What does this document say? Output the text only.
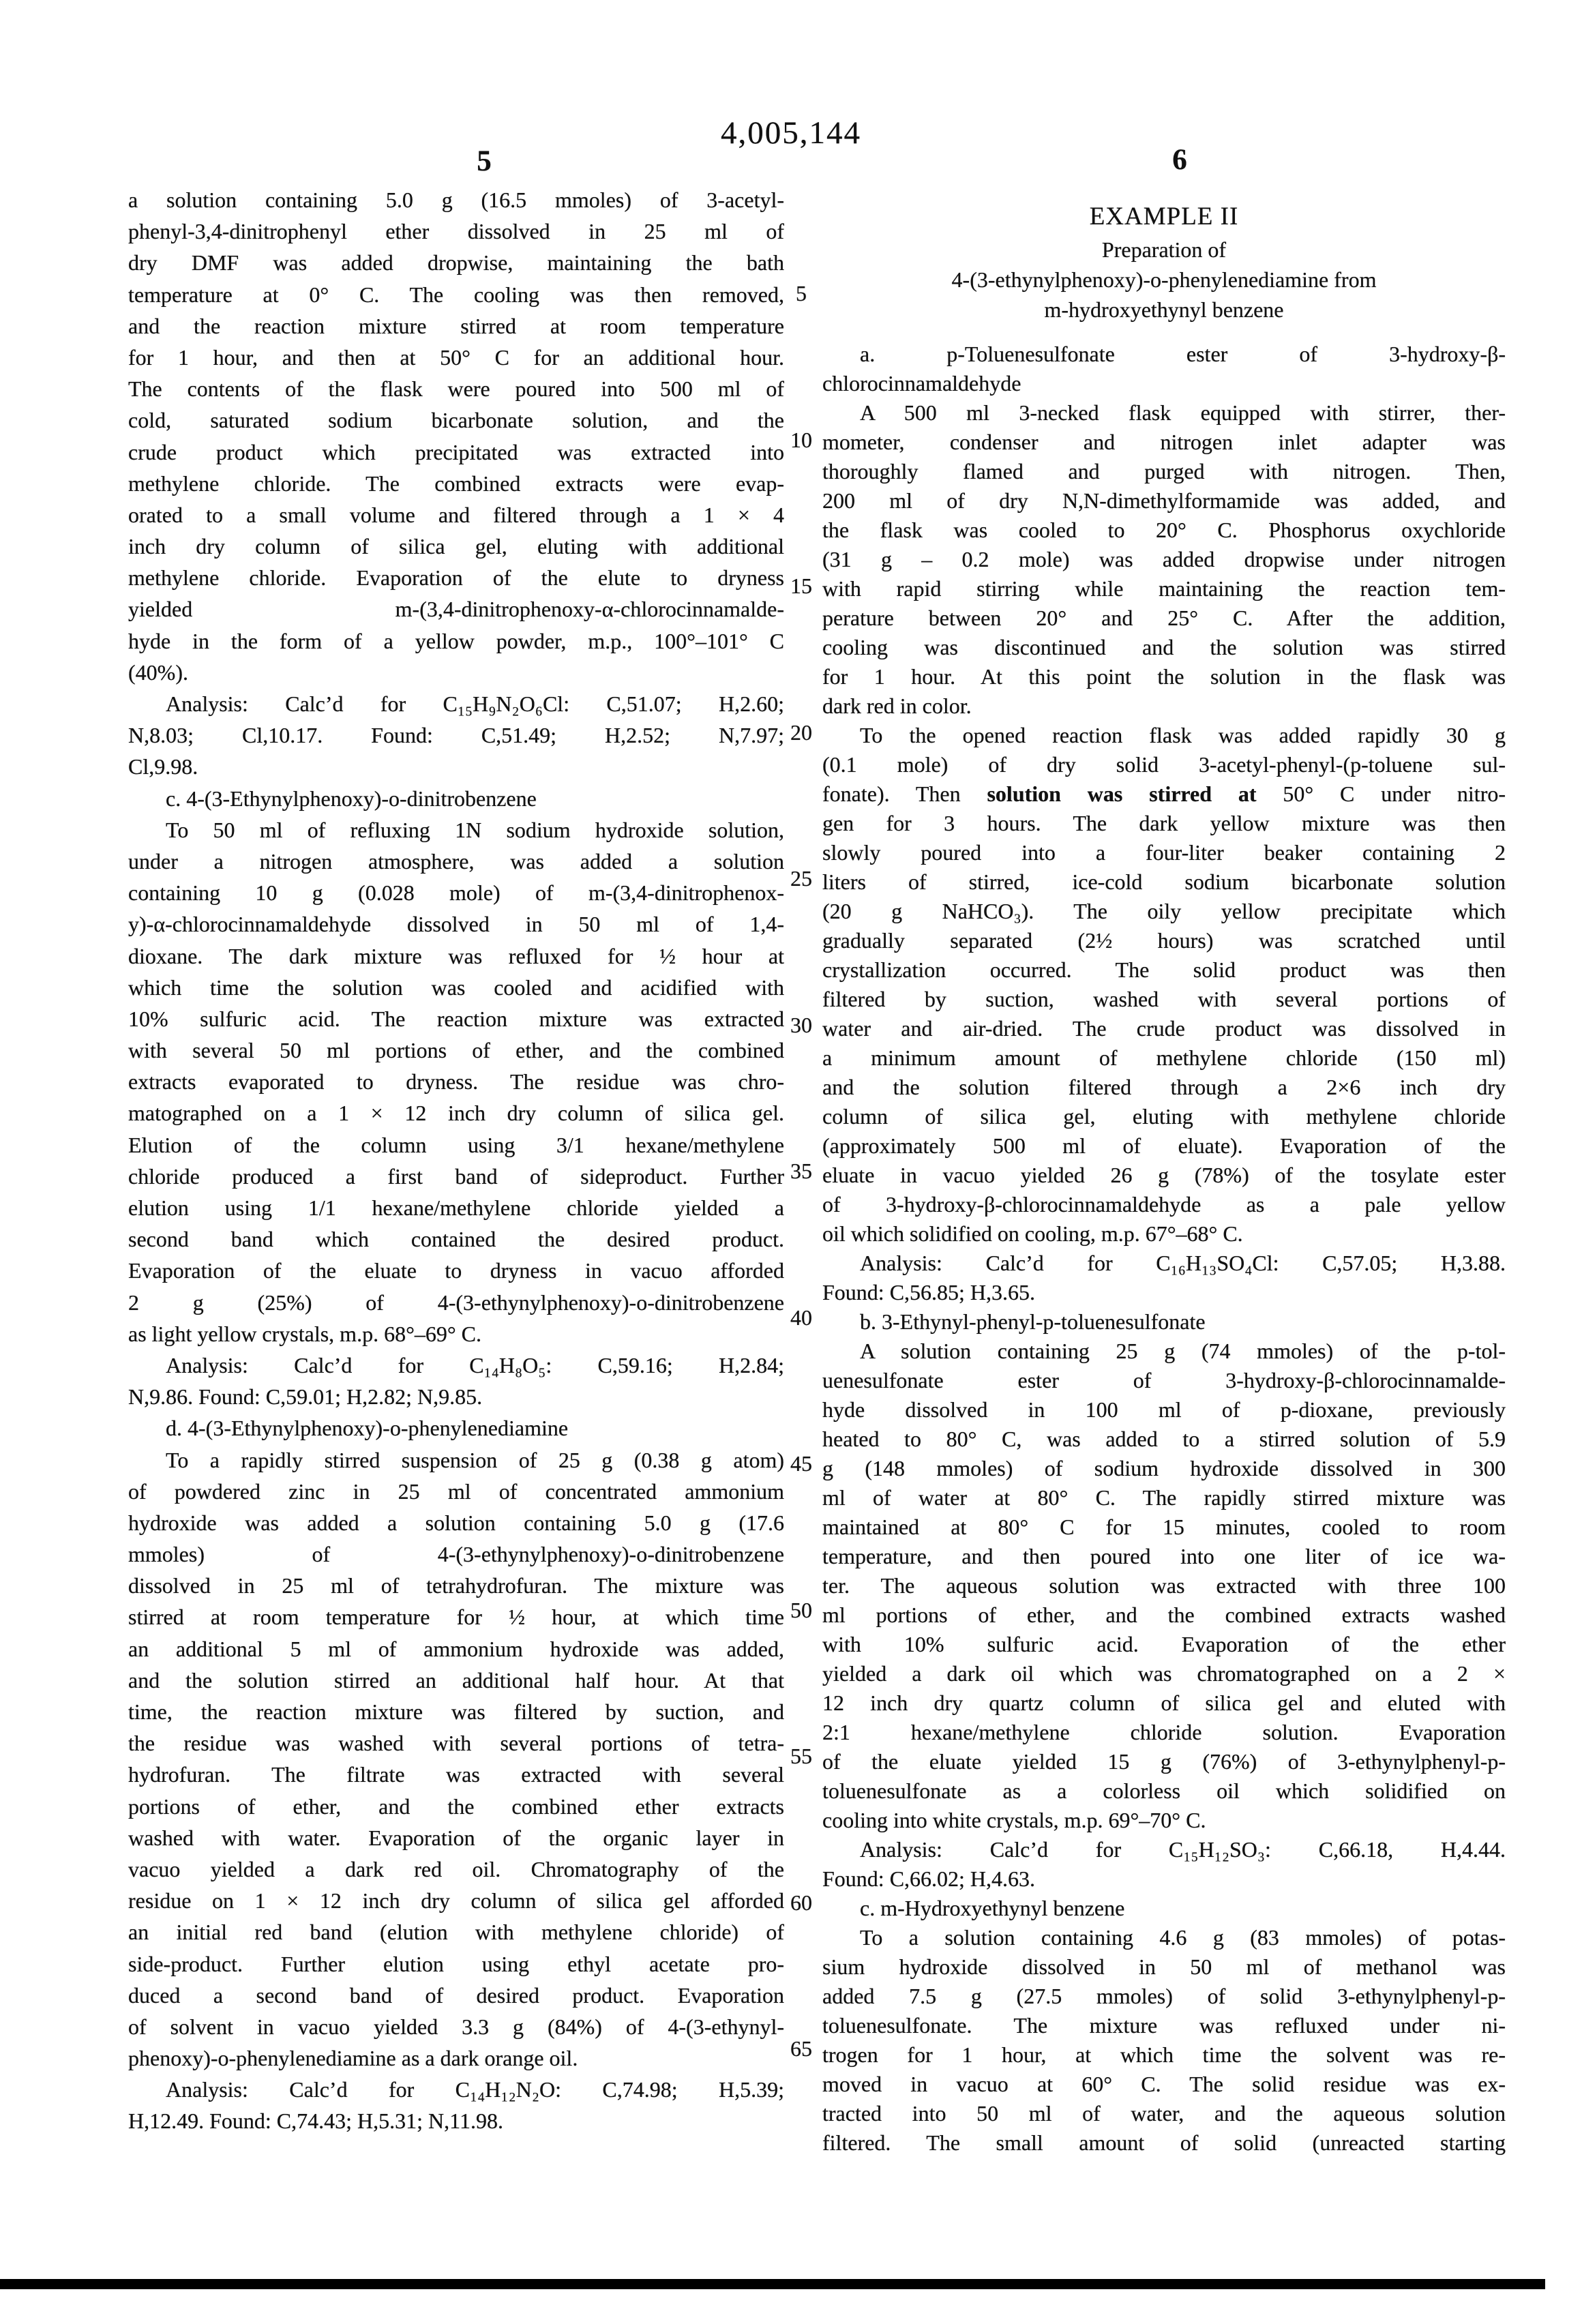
4,005,144
5	6
a solution containing 5.0 g (16.5 mmoles) of 3-acetyl-
phenyl-3,4-dinitrophenyl ether dissolved in 25 ml of
dry DMF was added dropwise, maintaining the bath
temperature at 0° C. The cooling was then removed,
and the reaction mixture stirred at room temperature
for 1 hour, and then at 50° C for an additional hour.
The contents of the flask were poured into 500 ml of
cold, saturated sodium bicarbonate solution, and the
crude product which precipitated was extracted into
methylene chloride. The combined extracts were evap-
orated to a small volume and filtered through a 1 × 4
inch dry column of silica gel, eluting with additional
methylene chloride. Evaporation of the elute to dryness
yielded m-(3,4-dinitrophenoxy-α-chlorocinnamalde-
hyde in the form of a yellow powder, m.p., 100°–101° C
(40%).
Analysis: Calc’d for C₁₅H₉N₂O₆Cl: C,51.07; H,2.60;
N,8.03; Cl,10.17. Found: C,51.49; H,2.52; N,7.97;
Cl,9.98.
c. 4-(3-Ethynylphenoxy)-o-dinitrobenzene
To 50 ml of refluxing 1N sodium hydroxide solution,
under a nitrogen atmosphere, was added a solution
containing 10 g (0.028 mole) of m-(3,4-dinitrophenox-
y)-α-chlorocinnamaldehyde dissolved in 50 ml of 1,4-
dioxane. The dark mixture was refluxed for ½ hour at
which time the solution was cooled and acidified with
10% sulfuric acid. The reaction mixture was extracted
with several 50 ml portions of ether, and the combined
extracts evaporated to dryness. The residue was chro-
matographed on a 1 × 12 inch dry column of silica gel.
Elution of the column using 3/1 hexane/methylene
chloride produced a first band of sideproduct. Further
elution using 1/1 hexane/methylene chloride yielded a
second band which contained the desired product.
Evaporation of the eluate to dryness in vacuo afforded
2 g (25%) of 4-(3-ethynylphenoxy)-o-dinitrobenzene
as light yellow crystals, m.p. 68°–69° C.
Analysis: Calc’d for C₁₄H₈O₅: C,59.16; H,2.84;
N,9.86. Found: C,59.01; H,2.82; N,9.85.
d. 4-(3-Ethynylphenoxy)-o-phenylenediamine
To a rapidly stirred suspension of 25 g (0.38 g atom)
of powdered zinc in 25 ml of concentrated ammonium
hydroxide was added a solution containing 5.0 g (17.6
mmoles) of 4-(3-ethynylphenoxy)-o-dinitrobenzene
dissolved in 25 ml of tetrahydrofuran. The mixture was
stirred at room temperature for ½ hour, at which time
an additional 5 ml of ammonium hydroxide was added,
and the solution stirred an additional half hour. At that
time, the reaction mixture was filtered by suction, and
the residue was washed with several portions of tetra-
hydrofuran. The filtrate was extracted with several
portions of ether, and the combined ether extracts
washed with water. Evaporation of the organic layer in
vacuo yielded a dark red oil. Chromatography of the
residue on 1 × 12 inch dry column of silica gel afforded
an initial red band (elution with methylene chloride) of
side-product. Further elution using ethyl acetate pro-
duced a second band of desired product. Evaporation
of solvent in vacuo yielded 3.3 g (84%) of 4-(3-ethynyl-
phenoxy)-o-phenylenediamine as a dark orange oil.
Analysis: Calc’d for C₁₄H₁₂N₂O: C,74.98; H,5.39;
H,12.49. Found: C,74.43; H,5.31; N,11.98.
EXAMPLE II
Preparation of
4-(3-ethynylphenoxy)-o-phenylenediamine from
m-hydroxyethynyl benzene
a. p-Toluenesulfonate ester of 3-hydroxy-β-
chlorocinnamaldehyde
A 500 ml 3-necked flask equipped with stirrer, ther-
mometer, condenser and nitrogen inlet adapter was
thoroughly flamed and purged with nitrogen. Then,
200 ml of dry N,N-dimethylformamide was added, and
the flask was cooled to 20° C. Phosphorus oxychloride
(31 g – 0.2 mole) was added dropwise under nitrogen
with rapid stirring while maintaining the reaction tem-
perature between 20° and 25° C. After the addition,
cooling was discontinued and the solution was stirred
for 1 hour. At this point the solution in the flask was
dark red in color.
To the opened reaction flask was added rapidly 30 g
(0.1 mole) of dry solid 3-acetyl-phenyl-(p-toluene sul-
fonate). Then solution was stirred at 50° C under nitro-
gen for 3 hours. The dark yellow mixture was then
slowly poured into a four-liter beaker containing 2
liters of stirred, ice-cold sodium bicarbonate solution
(20 g NaHCO₃). The oily yellow precipitate which
gradually separated (2½ hours) was scratched until
crystallization occurred. The solid product was then
filtered by suction, washed with several portions of
water and air-dried. The crude product was dissolved in
a minimum amount of methylene chloride (150 ml)
and the solution filtered through a 2×6 inch dry
column of silica gel, eluting with methylene chloride
(approximately 500 ml of eluate). Evaporation of the
eluate in vacuo yielded 26 g (78%) of the tosylate ester
of 3-hydroxy-β-chlorocinnamaldehyde as a pale yellow
oil which solidified on cooling, m.p. 67°–68° C.
Analysis: Calc’d for C₁₆H₁₃SO₄Cl: C,57.05; H,3.88.
Found: C,56.85; H,3.65.
b. 3-Ethynyl-phenyl-p-toluenesulfonate
A solution containing 25 g (74 mmoles) of the p-tol-
uenesulfonate ester of 3-hydroxy-β-chlorocinnamalde-
hyde dissolved in 100 ml of p-dioxane, previously
heated to 80° C, was added to a stirred solution of 5.9
g (148 mmoles) of sodium hydroxide dissolved in 300
ml of water at 80° C. The rapidly stirred mixture was
maintained at 80° C for 15 minutes, cooled to room
temperature, and then poured into one liter of ice wa-
ter. The aqueous solution was extracted with three 100
ml portions of ether, and the combined extracts washed
with 10% sulfuric acid. Evaporation of the ether
yielded a dark oil which was chromatographed on a 2 ×
12 inch dry quartz column of silica gel and eluted with
2:1 hexane/methylene chloride solution. Evaporation
of the eluate yielded 15 g (76%) of 3-ethynylphenyl-p-
toluenesulfonate as a colorless oil which solidified on
cooling into white crystals, m.p. 69°–70° C.
Analysis: Calc’d for C₁₅H₁₂SO₃: C,66.18, H,4.44.
Found: C,66.02; H,4.63.
c. m-Hydroxyethynyl benzene
To a solution containing 4.6 g (83 mmoles) of potas-
sium hydroxide dissolved in 50 ml of methanol was
added 7.5 g (27.5 mmoles) of solid 3-ethynylphenyl-p-
toluenesulfonate. The mixture was refluxed under ni-
trogen for 1 hour, at which time the solvent was re-
moved in vacuo at 60° C. The solid residue was ex-
tracted into 50 ml of water, and the aqueous solution
filtered. The small amount of solid (unreacted starting
5
10
15
20
25
30
35
40
45
50
55
60
65
